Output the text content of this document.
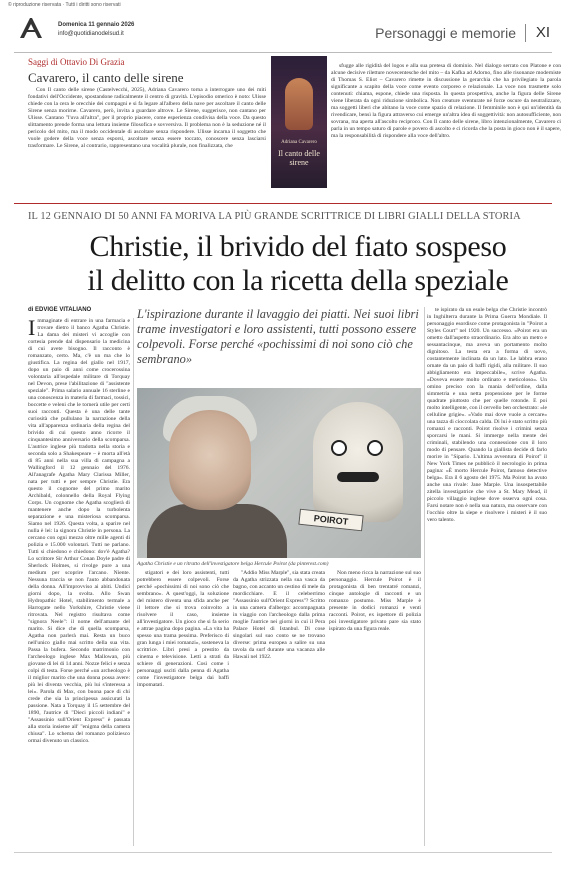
© riproduzione riservata · Tutti i diritti sono riservati
Domenica 11 gennaio 2026
info@quotidianodelsud.it	Personaggi e memorie XI
Saggi di Ottavio Di Grazia
Cavarero, il canto delle sirene

Con Il canto delle sirene (Castelvecchi, 2025), Adriana Cavarero torna a interrogare uno dei miti fondativi dell'Occidente, spostandone radicalmente il centro di gravità. L'episodio omerico è noto: Ulisse chiede con la cera le orecchie dei compagni e si fa legare all'albero della nave per ascoltare il canto delle Sirene senza morirne. Cavarero, però, invita a guardare altrove. Le Sirene, suggerisce, non cantano per Ulisse. Cantano "l'uva all'altra", per il proprio piacere, come esperienza condivisa della voce. Da questo slittamento prende forma una lettura insieme filosofica e sovversiva. Il problema non è la seduzione né il pericolo del mito, ma il modo occidentale di ascoltare senza rispondere. Ulisse incarna il soggetto che vuole godere della voce senza esporsi, ascoltare senza essere toccato, conoscere senza lasciarsi trasformare. Le Sirene, al contrario, rappresentano una vocalità plurale, non finalizzata, che

Adriana Cavarero
Il canto delle sirene

sfugge alle rigidità del logos e alla sua pretesa di dominio. Nel dialogo serrato con Platone e con alcune decisive riletture novecentesche del mito – da Kafka ad Adorno, fino alle risonanze moderniste di Thomas S. Eliot – Cavarero rimette in discussione la gerarchia che ha privilegiato la parola significante a scapito della voce come evento corporeo e relazionale. La voce non trasmette solo contenuti: chiama, espone, chiede una risposta. In questa prospettiva, anche la figura delle Sirene viene liberata da ogni riduzione simbolica. Non creature sventurate né forze oscure da neutralizzare, ma soggetti liberi che abitano la voce come spazio di relazione. Il femminile non è qui un'identità da rivendicare, bensì la figura attraverso cui emerge un'altra idea di soggettività: non autosufficiente, non sovrana, ma aperta all'ascolto reciproco. Con Il canto delle sirene, libro intenzionalmente, Cavarero ci parla in un tempo saturo di parole e povero di ascolto e ci ricorda che la posta in gioco non è il sapere, ma la responsabilità di rispondere alla voce dell'altro.

IL 12 GENNAIO DI 50 ANNI FA MORIVA LA PIÙ GRANDE SCRITTRICE DI LIBRI GIALLI DELLA STORIA
Christie, il brivido del fiato sospeso
il delitto con la ricetta della speziale
di EDVIGE VITALIANO
Immaginate di entrare in una farmacia e trovare dietro il banco Agatha Christie. La dama dei misteri vi accoglie con cortesia prende dal dispensario la medicina di cui avete bisogno. Il racconto è romanzato, certo. Ma, c'è un ma che lo giustifica. La regina del giallo nel 1917, dopo un paio di anni come crocerossina volontaria all'ospedale militare di Torquay nel Devon, prese l'abilitazione di "assistente speziale". Prima salario annuale 16 sterline e una conoscenza in materia di farmaci, tossici, boccette e veleni che le tornerà utile per certi suoi racconti. Questa è una delle tante curiosità che pullulano la narrazione della vita all'apparenza ordinaria della regina del brivido di cui questo anno ricorre il cinquantesimo anniversario della scomparsa. L'autrice inglese più tradotta nella storia e seconda solo a Shakespeare – è morta all'età di 85 anni nella sua villa di campagna a Wallingford il 12 gennaio del 1976. All'anagrafe Agatha Mary Clarissa Miller, nata per tutti e per sempre Christie. Era questo il cognome del primo marito Archibald, colonnello della Royal Flying Corps. Un cognome che Agatha scoglierà di mantenere anche dopo la turbolenta separazione e una misteriosa scomparsa. Siamo nel 1926. Questa volta, a sparire nel nulla è lei: la signora Christie in persona. La cercano con ogni mezzo oltre mille agenti di polizia e 15.000 volontari. Tutti ne parlano. Tutti si chiedono e chiedono: dov'è Agatha? Lo scrittore Sir Arthur Conan Doyle padre di Sherlock Holmes, si rivolge pure a una medium per scoprire l'arcano. Niente. Nessuna traccia se non l'auto abbandonata della donna. All'improvviso ai abiti. Undici giorni dopo, la svolta. Allo Swan Hydropathic Hotel, stabilimento termale a Harrogate nello Yorkshire, Christie viene ritrovata. Nel registro risultava come "signora Neele": il nome dell'amante del marito. Si dice che di quella scomparsa, Agatha non parlerà mai. Resta un buco nell'unico giallo mai scritto della sua vita. Passa la bufera. Secondo matrimonio con l'archeologo inglese Max Mallowan, più giovane di lei di 14 anni. Nozze felici e senza colpi di testa. Forse perché «un archeologo è il miglior marito che una donna possa avere: più lei diventa vecchia, più lui s'interessa a lei». Parola di Max, con buona pace di chi crede che sia la principessa assicurati la passione. Nata a Torquay il 15 settembre del 1890, l'autrice di "Dieci piccoli indiani" e "Assassinio sull'Orient Express" è passata alla storia insieme all' "enigma della camera chiusa". Lo schema del romanzo poliziesco ormai divenuto un classico.
L'ispirazione durante il lavaggio dei piatti. Nei suoi libri trame investigatori e loro assistenti, tutti possono essere colpevoli. Forse perché «pochissimi di noi sono ciò che sembrano»
POIROT
Agatha Christie e un ritratto dell'investigatore belga Hercule Poirot (da pinterest.com)

stigatori e dei loro assistenti, tutti potrebbero essere colpevoli. Forse perché «pochissimi di noi sono ciò che sembrano». A quest'oggi, la soluzione del mistero diventa una sfida anche per il lettore che si trova coinvolto a risolvere il caso, insieme all'investigatore. Un gioco che si fa serio e attrae pagina dopo pagina. «La vita ha spesso una trama pessima. Preferisco di gran lunga i miei romanzi», sosteneva la scrittrice. Libri presi a prestito da cinema e televisione. Letti a strati da schiere di generazioni. Così come i personaggi usciti dalla penna di Agatha come l'investigatore belga dai baffi impomatati.

"Addio Miss Marple", sia stata creata da Agatha strizzata nella sua vasca da bagno, con accanto un cestino di mele da mordicchiare. E il celeberrimo "Assassinio sull'Orient Express"? Scritto in una camera d'albergo: accompagnata in viaggio con l'archeologo dalla prima moglie l'autrice nei giorni in cui il Pera Palace Hotel di Istanbul. Di cose singolari sul suo conto se ne trovano diverse: prima europea a salire su una tavola da surf durante una vacanza alle Hawaii nel 1922.

Non meno ricca la narrazione sul suo personaggio. Hercule Poirot è il protagonista di ben trentatré romanzi, cinque antologie di racconti e un romanzo postumo. Miss Marple è presente in dodici romanzi e venti racconti. Poirot, ex ispettore di polizia poi investigatore privato pare sia stato ispirato da una figura reale.

te ispirato da un esule belga che Christie incontrò in Inghilterra durante la Prima Guerra Mondiale. Il personaggio esordisce come protagonista in "Poirot a Styles Court" nel 1920. Un successo. «Poirot era un ometto dall'aspetto straordinario. Era alto un metro e sessantacinque, ma aveva un portamento molto dignitoso. La testa era a forma di uovo, costantemente inclinata da un lato. Le labbra erano ornate da un paio di baffi rigidi, alla militare. Il suo abbigliamento era impeccabile», scrive Agatha. «Doveva essere molto ordinato e meticoloso». Un omino preciso con la mania dell'ordine, dalla simmetria e una netta propensione per le forme quadrate piuttosto che per quelle rotonde. E poi molto intelligente, con il cervello ben orchestrato: «le celluline grigie». «Vado mai dove vuole a cercare» una tazza di cioccolata calda. Di lui è stato scritto più romanzi e racconti. Poirot risolve i crimini senza sporcarsi le mani. Si immerge nella mente dei criminali, stabilendo una connessione con il loro modo di pensare. Quando la giallista decide di farlo morire in "Sipario. L'ultima avventura di Poirot" il New York Times ne pubblicò il necrologio in prima pagina: «È morto Hercule Poirot, famoso detective belga». Era il 6 agosto del 1975. Ma Poirot ha avuto anche una rivale: Jane Marple. Una insospettabile zitella investigatrice che vive a St. Mary Mead, il piccolo villaggio inglese dove osserva ogni cosa. Farsi notare non è nella sua natura, ma osservare con l'occhio oltre la siepe e risolvere i misteri è il suo vero talento.
